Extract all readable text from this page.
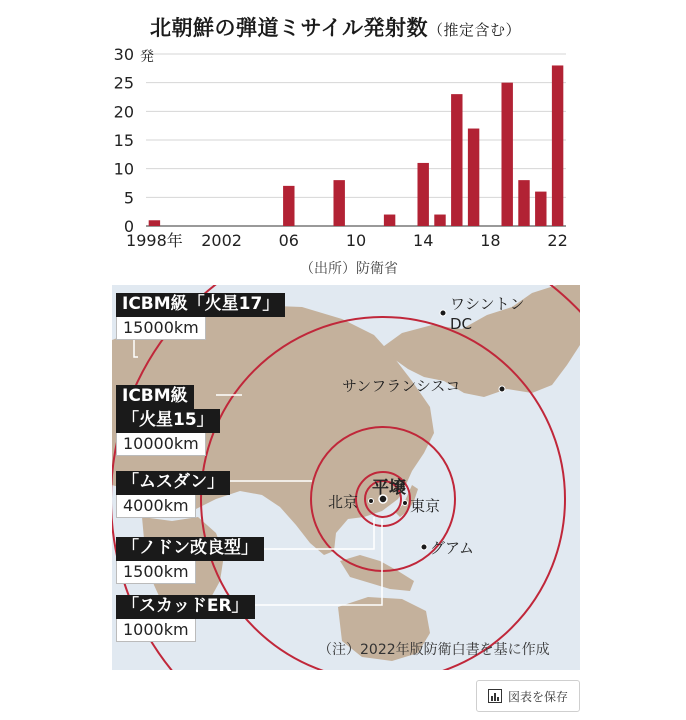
北朝鮮の弾道ミサイル発射数（推定含む）
0
5
10
15
20
25
30 発
1998年 2002 06	10	14	18	22
（出所）防衛省
ワシントン
DC
サンフランシスコ
平壌
北京	東京
グアム
ICBM級「火星17」
15000km
ICBM級
「火星15」
10000km
「ムスダン」
4000km
「ノドン改良型」
1500km
「スカッドER」
1000km
（注）2022年版防衛白書を基に作成
図表を保存
